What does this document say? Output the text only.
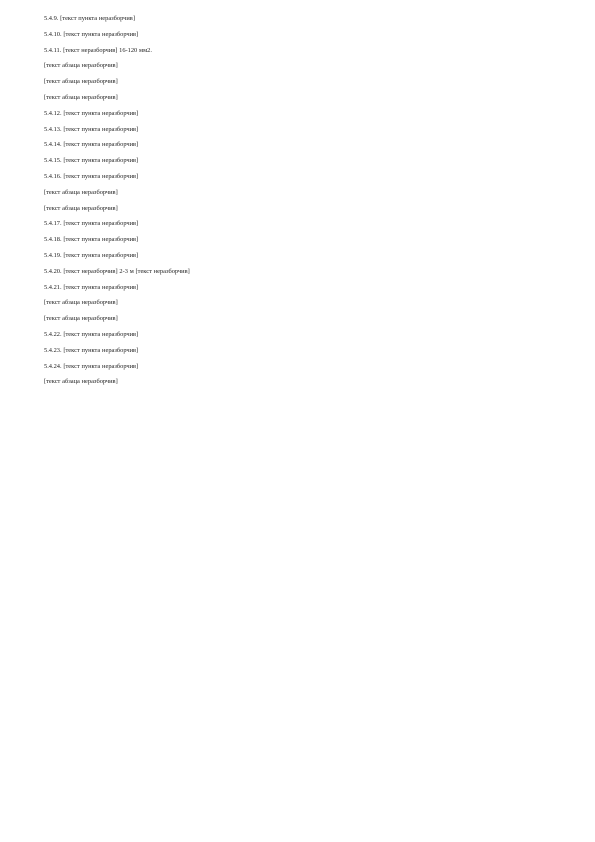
5.4.9. [текст пункта неразборчив]

5.4.10. [текст пункта неразборчив]

5.4.11. [текст неразборчив] 16-120 мм2.

[текст абзаца неразборчив]

[текст абзаца неразборчив]

[текст абзаца неразборчив]

5.4.12. [текст пункта неразборчив]

5.4.13. [текст пункта неразборчив]

5.4.14. [текст пункта неразборчив]

5.4.15. [текст пункта неразборчив]

5.4.16. [текст пункта неразборчив]

[текст абзаца неразборчив]

[текст абзаца неразборчив]

5.4.17. [текст пункта неразборчив]

5.4.18. [текст пункта неразборчив]

5.4.19. [текст пункта неразборчив]

5.4.20. [текст неразборчив] 2-3 м [текст неразборчив]

5.4.21. [текст пункта неразборчив]

[текст абзаца неразборчив]

[текст абзаца неразборчив]

5.4.22. [текст пункта неразборчив]

5.4.23. [текст пункта неразборчив]

5.4.24. [текст пункта неразборчив]

[текст абзаца неразборчив]
